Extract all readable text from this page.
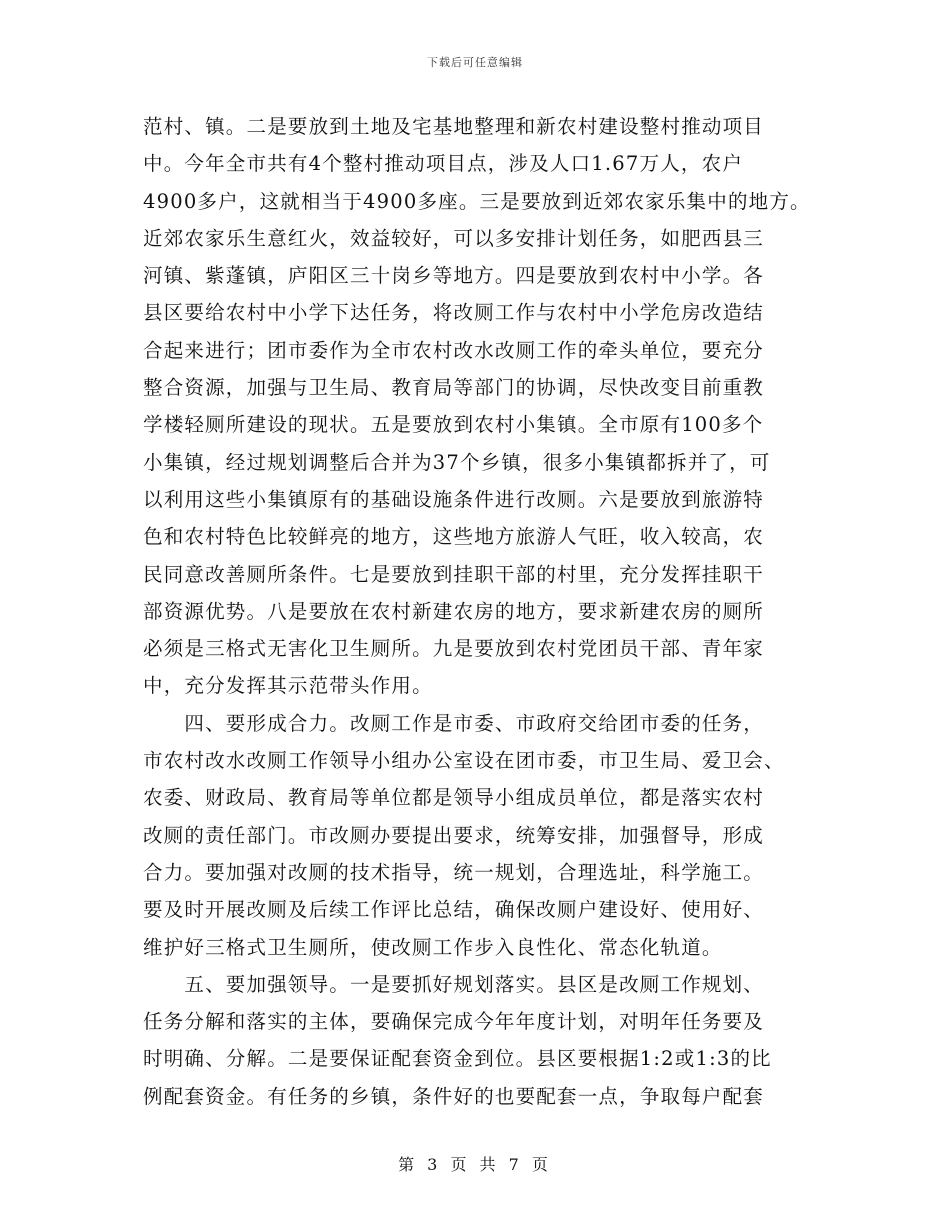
下载后可任意编辑
范村、镇。二是要放到土地及宅基地整理和新农村建设整村推动项目
中。今年全市共有4个整村推动项目点，涉及人口1.67万人，农户
4900多户，这就相当于4900多座。三是要放到近郊农家乐集中的地方。
近郊农家乐生意红火，效益较好，可以多安排计划任务，如肥西县三
河镇、紫蓬镇，庐阳区三十岗乡等地方。四是要放到农村中小学。各
县区要给农村中小学下达任务，将改厕工作与农村中小学危房改造结
合起来进行；团市委作为全市农村改水改厕工作的牵头单位，要充分
整合资源，加强与卫生局、教育局等部门的协调，尽快改变目前重教
学楼轻厕所建设的现状。五是要放到农村小集镇。全市原有100多个
小集镇，经过规划调整后合并为37个乡镇，很多小集镇都拆并了，可
以利用这些小集镇原有的基础设施条件进行改厕。六是要放到旅游特
色和农村特色比较鲜亮的地方，这些地方旅游人气旺，收入较高，农
民同意改善厕所条件。七是要放到挂职干部的村里，充分发挥挂职干
部资源优势。八是要放在农村新建农房的地方，要求新建农房的厕所
必须是三格式无害化卫生厕所。九是要放到农村党团员干部、青年家
中，充分发挥其示范带头作用。
　　四、要形成合力。改厕工作是市委、市政府交给团市委的任务，
市农村改水改厕工作领导小组办公室设在团市委，市卫生局、爱卫会、
农委、财政局、教育局等单位都是领导小组成员单位，都是落实农村
改厕的责任部门。市改厕办要提出要求，统筹安排，加强督导，形成
合力。要加强对改厕的技术指导，统一规划，合理选址，科学施工。
要及时开展改厕及后续工作评比总结，确保改厕户建设好、使用好、
维护好三格式卫生厕所，使改厕工作步入良性化、常态化轨道。
　　五、要加强领导。一是要抓好规划落实。县区是改厕工作规划、
任务分解和落实的主体，要确保完成今年年度计划，对明年任务要及
时明确、分解。二是要保证配套资金到位。县区要根据1:2或1:3的比
例配套资金。有任务的乡镇，条件好的也要配套一点，争取每户配套
第 3 页 共 7 页
